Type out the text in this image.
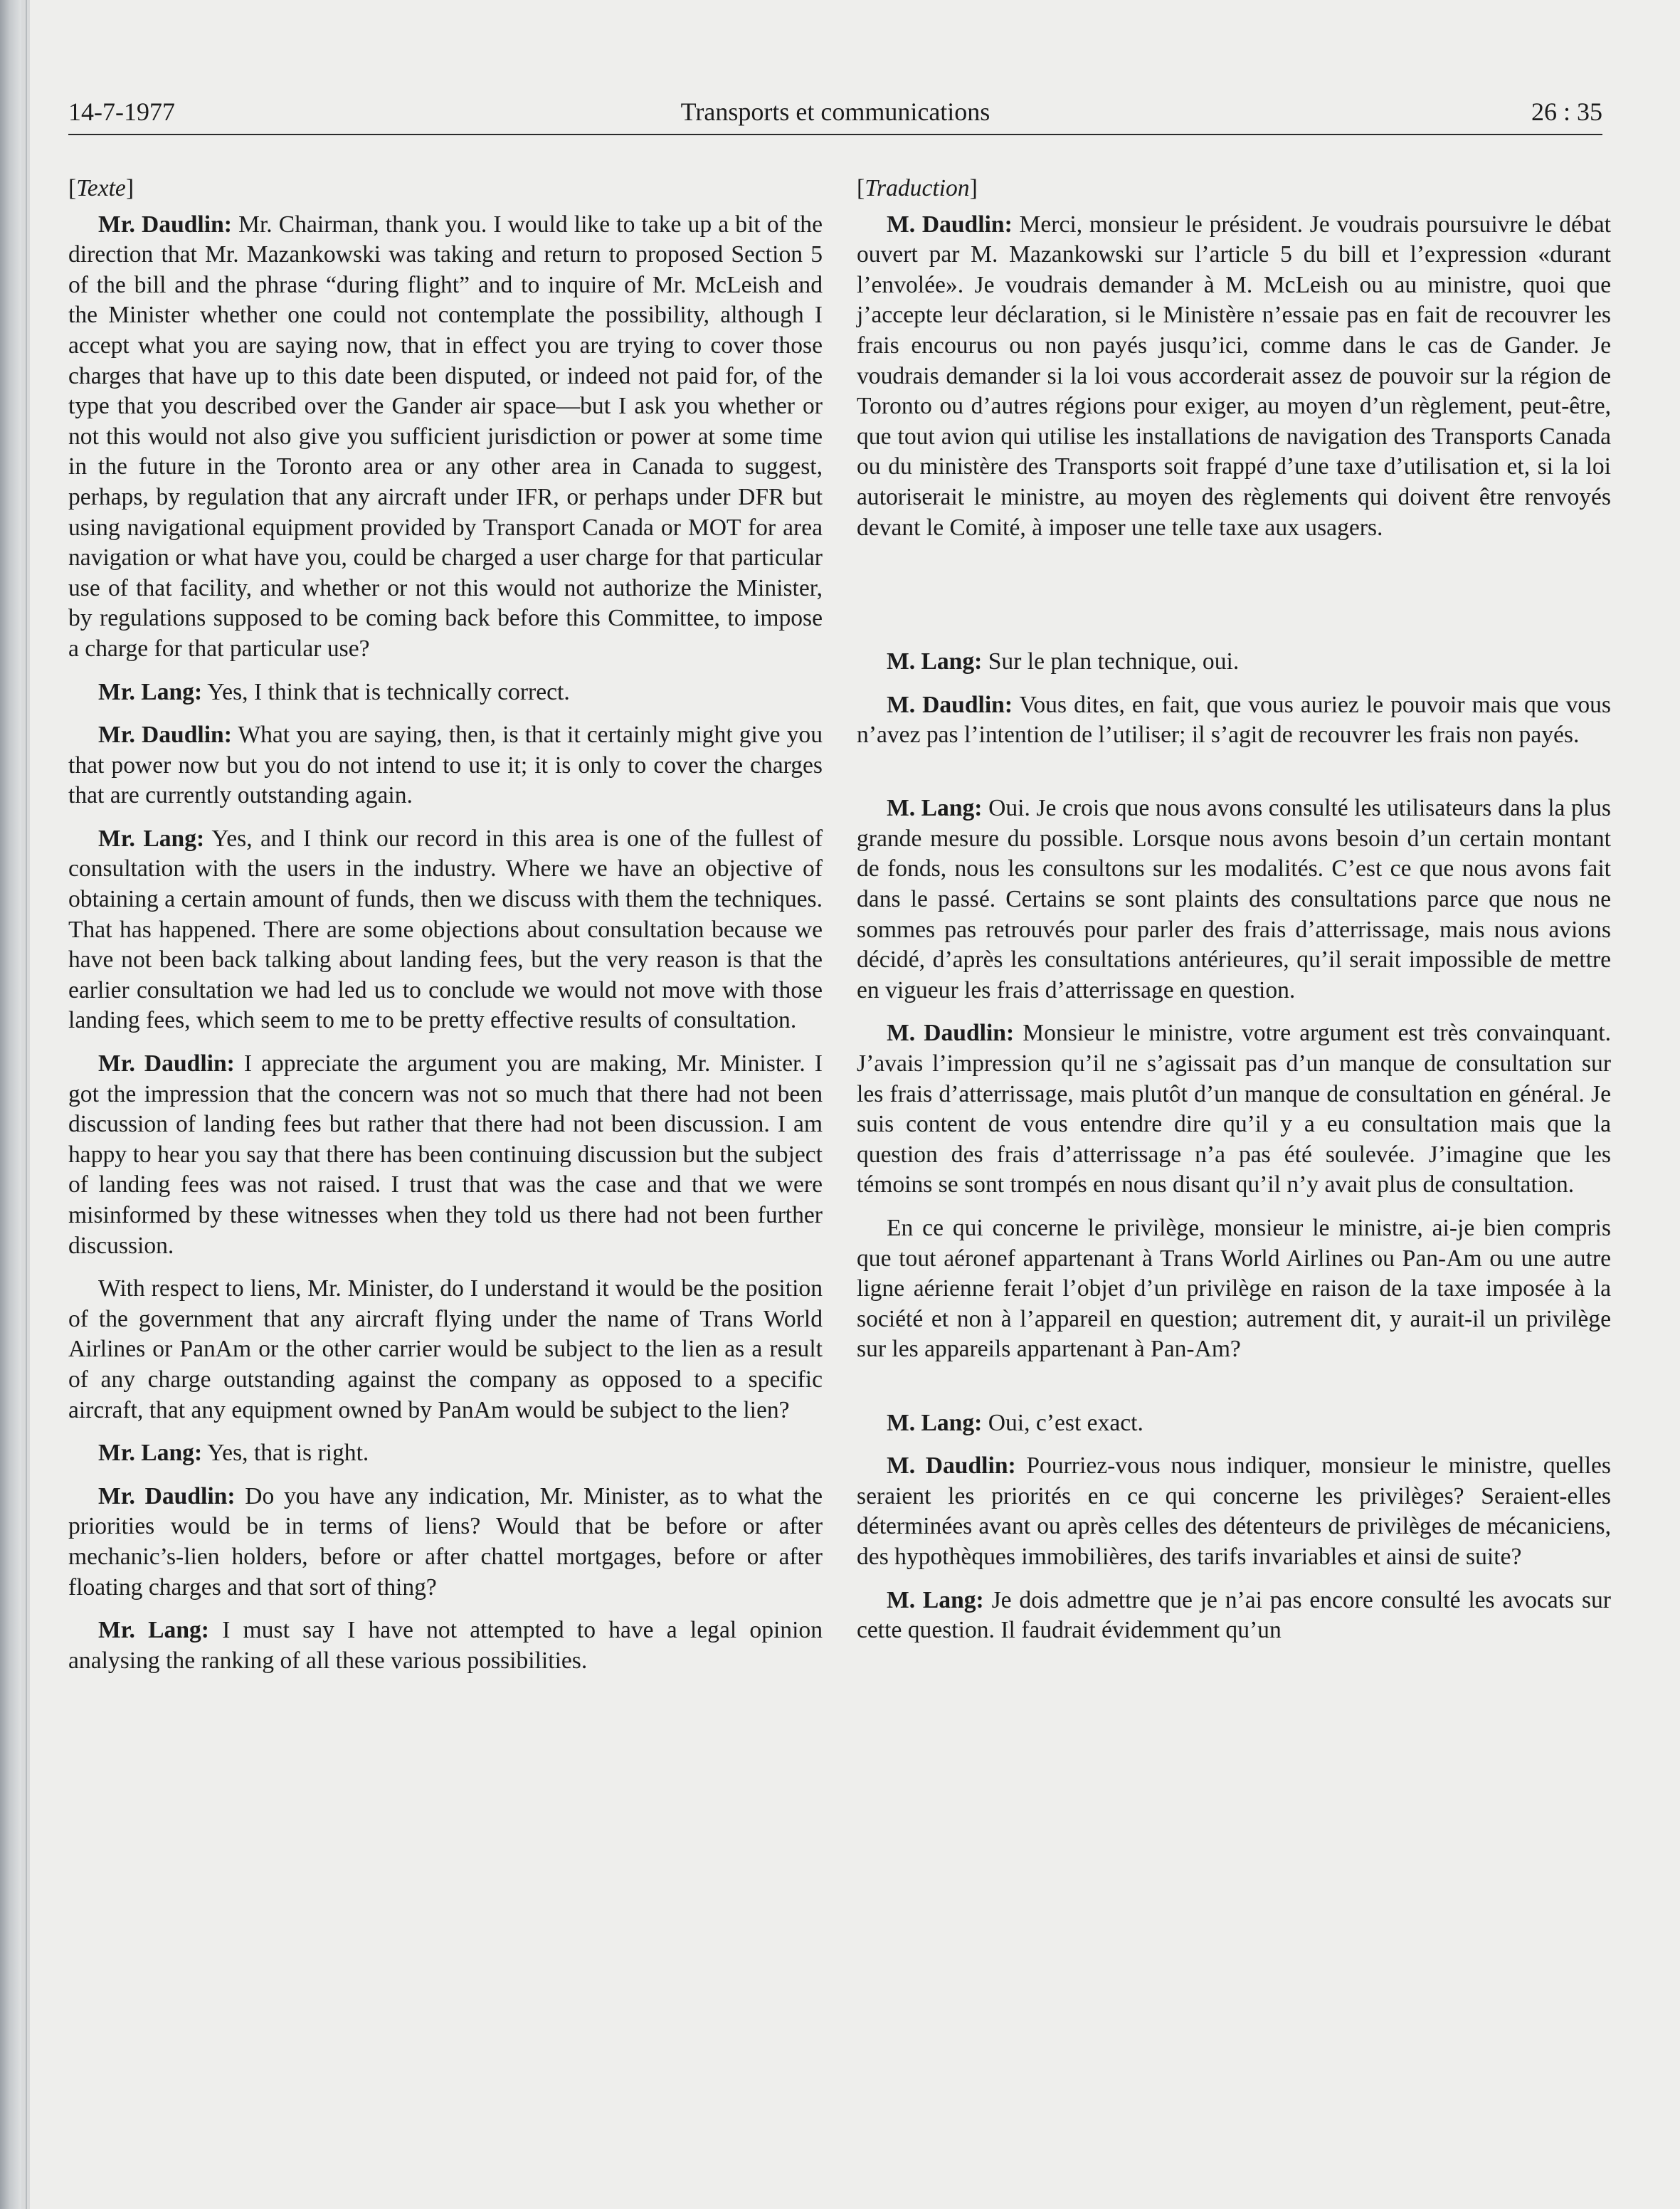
14-7-1977	Transports et communications	26 : 35

[Texte]

Mr. Daudlin: Mr. Chairman, thank you. I would like to take up a bit of the direction that Mr. Mazankowski was taking and return to proposed Section 5 of the bill and the phrase “during flight” and to inquire of Mr. McLeish and the Minister whether one could not contemplate the possibility, although I accept what you are saying now, that in effect you are trying to cover those charges that have up to this date been disputed, or indeed not paid for, of the type that you described over the Gander air space—but I ask you whether or not this would not also give you sufficient jurisdiction or power at some time in the future in the Toronto area or any other area in Canada to suggest, perhaps, by regulation that any aircraft under IFR, or perhaps under DFR but using navigational equipment provided by Transport Canada or MOT for area navigation or what have you, could be charged a user charge for that particular use of that facility, and whether or not this would not authorize the Minister, by regulations supposed to be coming back before this Committee, to impose a charge for that particular use?

Mr. Lang: Yes, I think that is technically correct.

Mr. Daudlin: What you are saying, then, is that it certainly might give you that power now but you do not intend to use it; it is only to cover the charges that are currently outstanding again.

Mr. Lang: Yes, and I think our record in this area is one of the fullest of consultation with the users in the industry. Where we have an objective of obtaining a certain amount of funds, then we discuss with them the techniques. That has happened. There are some objections about consultation because we have not been back talking about landing fees, but the very reason is that the earlier consultation we had led us to conclude we would not move with those landing fees, which seem to me to be pretty effective results of consultation.

Mr. Daudlin: I appreciate the argument you are making, Mr. Minister. I got the impression that the concern was not so much that there had not been discussion of landing fees but rather that there had not been discussion. I am happy to hear you say that there has been continuing discussion but the subject of landing fees was not raised. I trust that was the case and that we were misinformed by these witnesses when they told us there had not been further discussion.

With respect to liens, Mr. Minister, do I understand it would be the position of the government that any aircraft flying under the name of Trans World Airlines or PanAm or the other carrier would be subject to the lien as a result of any charge outstanding against the company as opposed to a specific aircraft, that any equipment owned by PanAm would be subject to the lien?

Mr. Lang: Yes, that is right.

Mr. Daudlin: Do you have any indication, Mr. Minister, as to what the priorities would be in terms of liens? Would that be before or after mechanic’s-lien holders, before or after chattel mortgages, before or after floating charges and that sort of thing?

Mr. Lang: I must say I have not attempted to have a legal opinion analysing the ranking of all these various possibilities.

[Traduction]

M. Daudlin: Merci, monsieur le président. Je voudrais poursuivre le débat ouvert par M. Mazankowski sur l’article 5 du bill et l’expression «durant l’envolée». Je voudrais demander à M. McLeish ou au ministre, quoi que j’accepte leur déclaration, si le Ministère n’essaie pas en fait de recouvrer les frais encourus ou non payés jusqu’ici, comme dans le cas de Gander. Je voudrais demander si la loi vous accorderait assez de pouvoir sur la région de Toronto ou d’autres régions pour exiger, au moyen d’un règlement, peut-être, que tout avion qui utilise les installations de navigation des Transports Canada ou du ministère des Transports soit frappé d’une taxe d’utilisation et, si la loi autoriserait le ministre, au moyen des règlements qui doivent être renvoyés devant le Comité, à imposer une telle taxe aux usagers.

M. Lang: Sur le plan technique, oui.

M. Daudlin: Vous dites, en fait, que vous auriez le pouvoir mais que vous n’avez pas l’intention de l’utiliser; il s’agit de recouvrer les frais non payés.

M. Lang: Oui. Je crois que nous avons consulté les utilisateurs dans la plus grande mesure du possible. Lorsque nous avons besoin d’un certain montant de fonds, nous les consultons sur les modalités. C’est ce que nous avons fait dans le passé. Certains se sont plaints des consultations parce que nous ne sommes pas retrouvés pour parler des frais d’atterrissage, mais nous avions décidé, d’après les consultations antérieures, qu’il serait impossible de mettre en vigueur les frais d’atterrissage en question.

M. Daudlin: Monsieur le ministre, votre argument est très convainquant. J’avais l’impression qu’il ne s’agissait pas d’un manque de consultation sur les frais d’atterrissage, mais plutôt d’un manque de consultation en général. Je suis content de vous entendre dire qu’il y a eu consultation mais que la question des frais d’atterrissage n’a pas été soulevée. J’imagine que les témoins se sont trompés en nous disant qu’il n’y avait plus de consultation.

En ce qui concerne le privilège, monsieur le ministre, ai-je bien compris que tout aéronef appartenant à Trans World Airlines ou Pan-Am ou une autre ligne aérienne ferait l’objet d’un privilège en raison de la taxe imposée à la société et non à l’appareil en question; autrement dit, y aurait-il un privilège sur les appareils appartenant à Pan-Am?

M. Lang: Oui, c’est exact.

M. Daudlin: Pourriez-vous nous indiquer, monsieur le ministre, quelles seraient les priorités en ce qui concerne les privilèges? Seraient-elles déterminées avant ou après celles des détenteurs de privilèges de mécaniciens, des hypothèques immobilières, des tarifs invariables et ainsi de suite?

M. Lang: Je dois admettre que je n’ai pas encore consulté les avocats sur cette question. Il faudrait évidemment qu’un
